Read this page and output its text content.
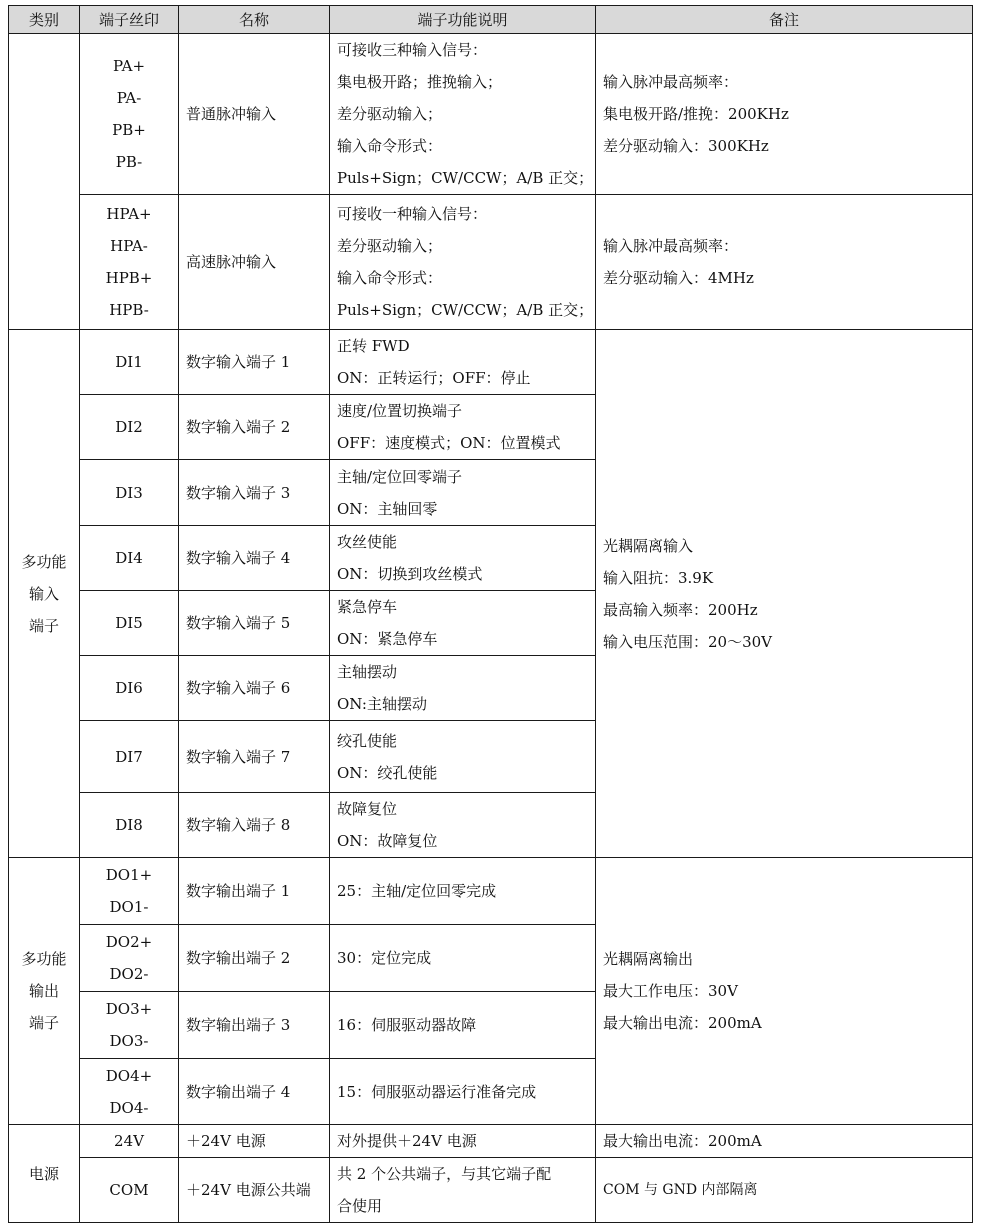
类别	端子丝印	名称	端子功能说明	备注

	PA+
PA-
PB+
PB-	普通脉冲输入	可接收三种输入信号：
集电极开路；推挽输入；
差分驱动输入；
输入命令形式：
Puls+Sign；CW/CCW；A/B 正交；	输入脉冲最高频率：
集电极开路/推挽：200KHz
差分驱动输入：300KHz

	HPA+
HPA-
HPB+
HPB-	高速脉冲输入	可接收一种输入信号：
差分驱动输入；
输入命令形式：
Puls+Sign；CW/CCW；A/B 正交；	输入脉冲最高频率：
差分驱动输入：4MHz

多功能
输入
端子	DI1	数字输入端子 1	正转 FWD
ON：正转运行；OFF：停止	光耦隔离输入
输入阻抗：3.9K
最高输入频率：200Hz
输入电压范围：20～30V

	DI2	数字输入端子 2	速度/位置切换端子
OFF：速度模式；ON：位置模式	

	DI3	数字输入端子 3	主轴/定位回零端子
ON：主轴回零	

	DI4	数字输入端子 4	攻丝使能
ON：切换到攻丝模式	

	DI5	数字输入端子 5	紧急停车
ON：紧急停车	

	DI6	数字输入端子 6	主轴摆动
ON:主轴摆动	

	DI7	数字输入端子 7	绞孔使能
ON：绞孔使能	

	DI8	数字输入端子 8	故障复位
ON：故障复位	

多功能
输出
端子	DO1+
DO1-	数字输出端子 1	25：主轴/定位回零完成	光耦隔离输出
最大工作电压：30V
最大输出电流：200mA

	DO2+
DO2-	数字输出端子 2	30：定位完成	

	DO3+
DO3-	数字输出端子 3	16：伺服驱动器故障	

	DO4+
DO4-	数字输出端子 4	15：伺服驱动器运行准备完成	
电源	24V	＋24V 电源	对外提供＋24V 电源	最大输出电流：200mA
	COM	＋24V 电源公共端	共 2 个公共端子，与其它端子配
合使用	COM 与 GND 内部隔离
